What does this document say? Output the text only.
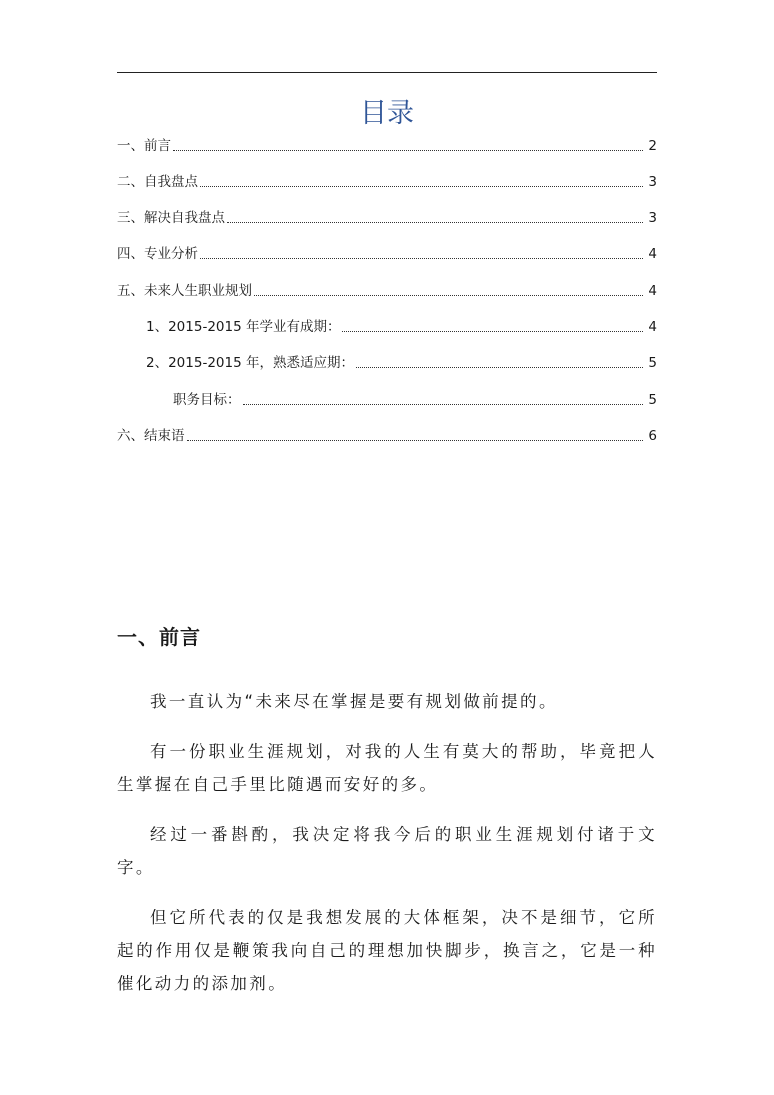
目录
一、前言	2
二、自我盘点	3
三、解决自我盘点	3
四、专业分析	4
五、未来人生职业规划	4
1、2015-2015 年学业有成期：	4
2、2015-2015 年，熟悉适应期：	5
职务目标：	5
六、结束语	6
一、前言

我一直认为“未来尽在掌握是要有规划做前提的。

有一份职业生涯规划，对我的人生有莫大的帮助，毕竟把人生掌握在自己手里比随遇而安好的多。

经过一番斟酌，我决定将我今后的职业生涯规划付诸于文字。

但它所代表的仅是我想发展的大体框架，决不是细节，它所起的作用仅是鞭策我向自己的理想加快脚步，换言之，它是一种催化动力的添加剂。
